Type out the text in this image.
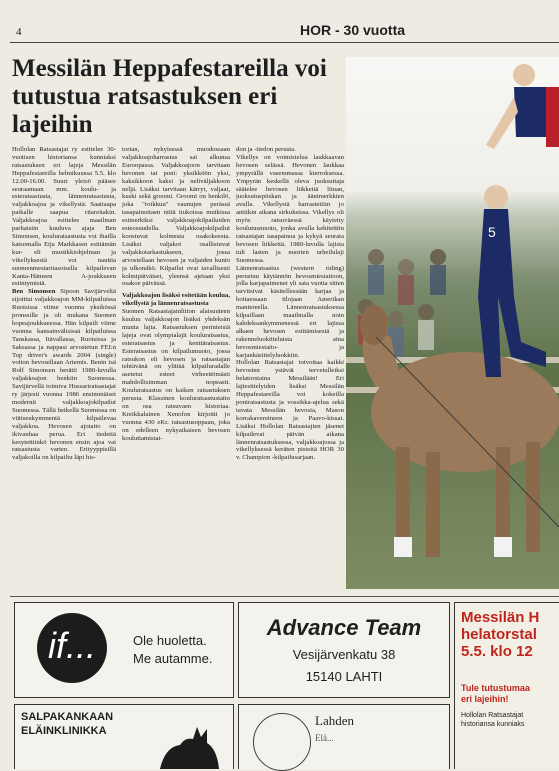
4	HOR - 30 vuotta
Messilän Heppafestareilla voi tutustua ratsastuksen eri lajeihin

Hollolan Ratsastajat ry esittelee 30-vuotisen historiansa kunniaksi ratsastuksen eri lajeja Messilän Heppafestareilla helmikuussa 5.5. klo 12.00-16.00. Suuri yleisö pääsee seuraamaan mm. koulu- ja esteratsastusta, lännenratsastusta, valjakkoajoa ja vikellystä. Saattaapa paikalle saapua ritareitakin. Valjakkoajoa esittelee maailman parhaisiin kuuluva ajaja Ben Simonsen, kouluratsastusta voi ihailla katsomalla Eija Markkasen esittämän kur- eli musiikkiohjelman ja vikellyksestä voi nauttia suomenmestaritasoisella kilpailevan Kanta-Hämeen A-joukkueen esiintymistä.

Ben Simonsen Sipoon Savijärveltä sijoittui valjakkoajon MM-kilpailuissa Ruotsissa viime vuonna yksikössä pronssille ja oli mukana Suomen hopeajoukkueessa. Hän kilpaili viime vuonna kansainvälisissä kilpailuissa Tanskassa, Itävallassa, Ruotsissa ja Saksassa ja nappasi arvostetun FEI:n Top driver's awards 2004 (single) voiton hevosellaan Artemis. Benin isä Rolf Simonsen herätti 1980-luvulla valjakkoajon henkiin Suomessa. Savijärvellä toimiva Hussariratsastajat ry järjesti vuonna 1986 ensimmäiset modernit valjakkoajokilpailut Suomessa. Tällä hetkellä Suomessa on viitisenkymmentä kilpailevaa valjakkoa. Hevosen ajotaito on ikivanhaa perua. Eri tiedettä kesytettiinkö hevonen ensin ajoa vai ratsastusta varten. Erityyppisillä valjakoilla on kilpailtu läpi his-

torian, nykyisessä muodossaan valjakkoajoharrastus sai alkunsa Euroopassa. Valjakkoajoon tarvitaan hevonen tai poni: yksikköön yksi, kaksikkoon kaksi ja neliväljakkoon neljä. Lisäksi tarvitaan kärryt, valjaat, kuski sekä groomi. Groomi on henkilö, joka "roikkuu" vaunujen perässä tasapainottaen niitä tiukoissa mutkissa esimerkiksi valjakkoajokilpailuiden esteosuudella. Valjakkoajokilpailut koostuvat kolmesta osakokeesta. Lisäksi valjakot osallistuvat valjakkotarkastukseen, jossa arvostellaan hevosen ja valjaiden kunto ja ulkonäkö. Kilpailut ovat tavallisesti kolmipäiväiset, yleensä ajetaan yksi osakoe päivässä.

Valjakkoajon lisäksi esitetään koulua, vikellystä ja lännenratsastusta

Suomen Ratsastajainliiton alaisuuteen kuuluu valjakkoajon lisäksi yhdeksän muuta lajia. Ratsastuksen perinteisiä lajeja ovat olympialajit kouluratsastus, esteratsastus ja kenttäratsastus. Esteratsastus on kilpailumuoto, jossa ratsukon eli hevosen ja ratsastajan tehtävänä on ylittää kilpailuradalle asetetut esteet virheettömästi mahdollisimman nopeasti. Kouluratsastus on kaiken ratsastuksen perusta. Klassinen kouluratsastustaito on osa ratsuvaen historiaa. Kreikkalainen Xenofon kirjoitti jo vuonna 430 eKr. ratsastusoppaan, joka on edelleen nykyaikaisen hevosen kouluttamistai-

don ja -tiedon perusta.

Vikellys on voimistelua laukkaavan hevosen selässä. Hevonen laukkaa ympyrällä vasemmassa kierroksessa. Ympyrän keskellä oleva juoksuttaja säätelee hevosen liikkeitä liinan, juoksutuspiiskan ja äänimerkkien avulla. Vikellystä harrastettiin jo antiikin aikana sirkuksissa. Vikellys oli myös ratsuväessä käytetty koulutusmuoto, jonka avulla kehitettiin ratsastajan tasapainoa ja kykyä seurata hevosen liikkeitä. 1980-luvulla lajista tuli lasten ja nuorten urheilulaji Suomessa.

Lännenratsastus (western riding) perustuu käytännön hevosmiestaitoon, jolla karjapaimenet yli sata vuotta sitten tarvitsivat käsitellessään karjaa ja hoitaessaan tilojaan Amerikan mantereella. Lännenratsastuksessa kilpaillaan maailmalla noin kahdeksankymmenessä eri lajissa alkaen hevosen esittämisestä ja rakenneluokitteluista aina hevosmiestaito- ja karjankäsittelyluokkiin.

Hollolan Ratsastajat toivottaa kaikki hevosten ystävät tervetulleiksi helatorstaina Messilään! Eri lajiesittelyiden lisäksi Messilän Heppafestareilla voi kokeilla poniratsastusta ja vossikka-ajelua sekä tavata Messilän hevosia, Mason korrakavereineen ja Paavo-kissat. Lisäksi Hollolan Ratsastajien jäsenet kilpailevat päivän aikana lännenratsastuksessa, valjakkoajossa ja vikellyksessä keräten pisteitä HOR 30 v. Champion -kilpailusarjaan.

5
if...	Ole huoletta.
Me autamme.
Advance Team
Vesijärvenkatu 38
15140 LAHTI
Messilän H
helatorstal
5.5. klo 12
Tule tutustumaa
eri lajeihin!
Hollolan Ratsastajat
historiansa kunniaks
SALPAKANKAAN
ELÄINKLINIKKA
Lahden
Elä...
